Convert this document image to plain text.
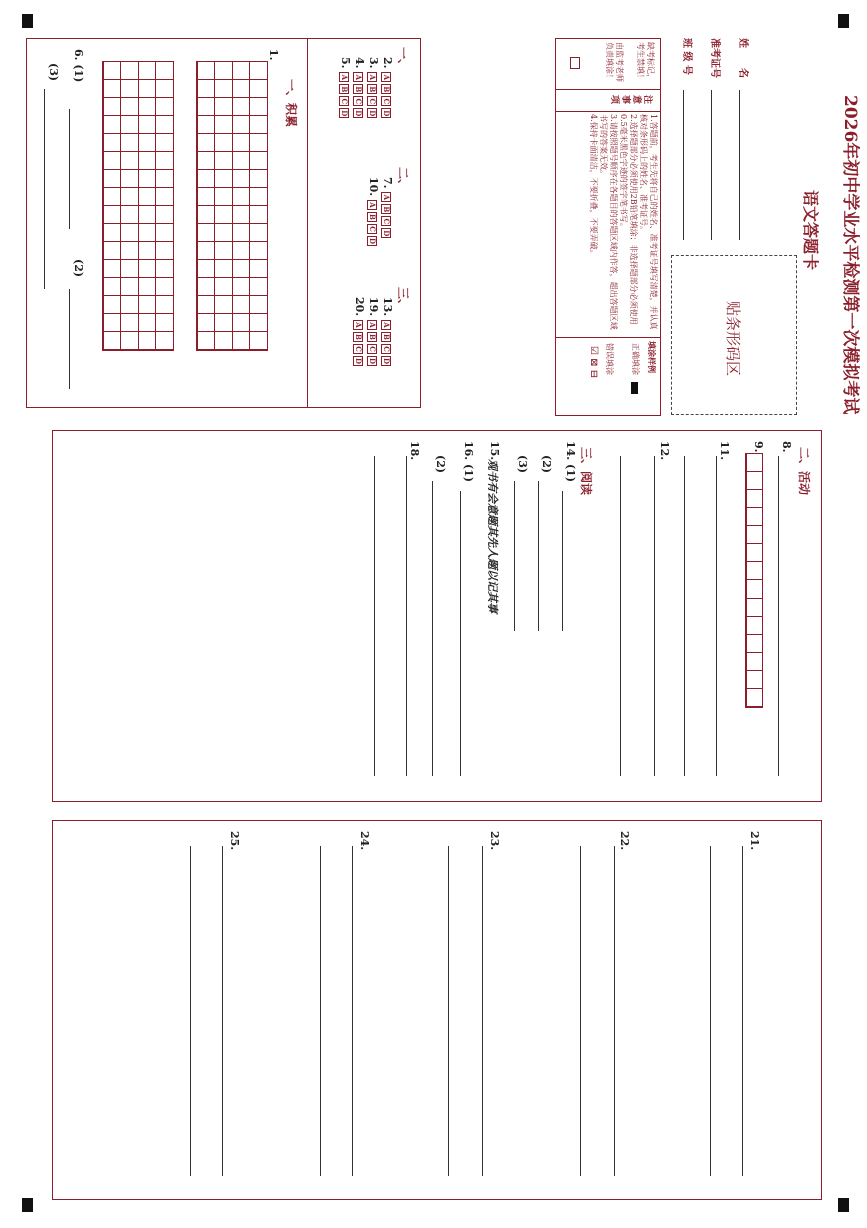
2026年初中学业水平检测第一次模拟考试
语文答题卡
姓　　名
准考证号
班 级 号
贴条形码区
缺考标记，考生禁填！
由监考老师负责填涂！
注意事项
1.答题前，考生先将自己的姓名、准考证号填写清楚，并认真核对条形码上的姓名、准考证号。
2.选择题部分必须使用2B铅笔填涂；非选择题部分必须使用0.5毫米黑色字迹的签字笔书写。
3.请按照题号顺序在各题目的答题区域内作答，超出答题区域书写的答案无效。
4.保持卡面清洁，不要折叠，不要弄破。
填涂样例
正确填涂
错误填涂
☑ ⊠ ⊟
一、
2. ABCD
3. ABCD
4. ABCD
5. ABCD
二、
7. ABCD
10. ABCD
三、
13. ABCD
19. ABCD
20. ABCD
一、积累
1.
6. (1)
(2)
(3)
二、活动
8.
9.
11.
12.
三、阅读
14. (1)
(2)
(3)
15.
观书有会意题其先人题以记其事
16. (1)
(2)
18.
21.
22.
23.
24.
25.
